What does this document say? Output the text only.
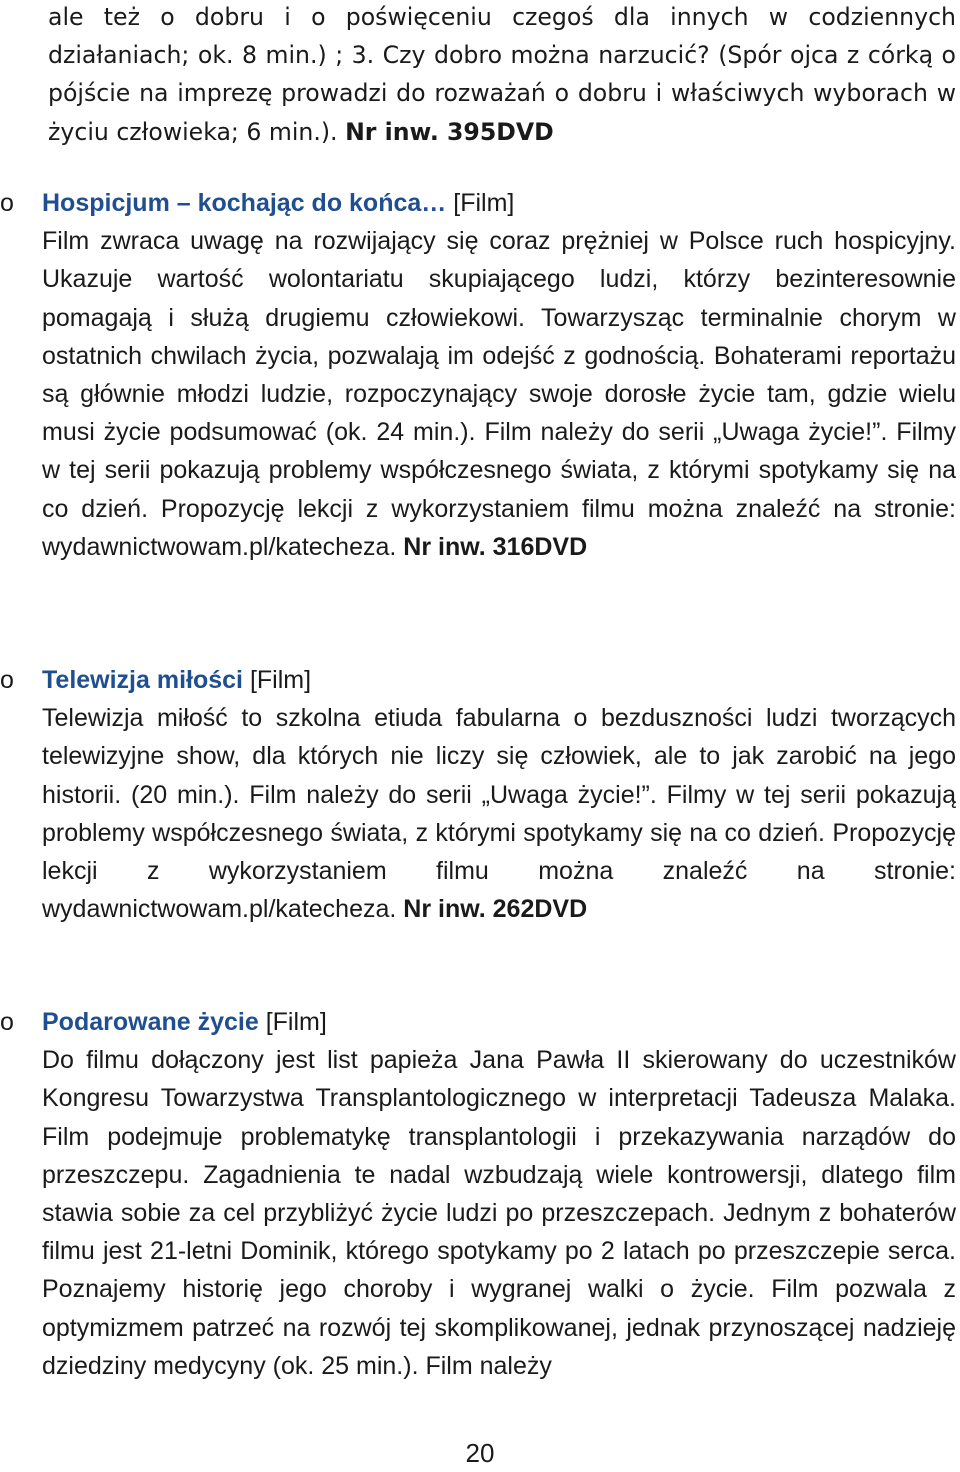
ale też o dobru i o poświęceniu czegoś dla innych w codziennych działaniach; ok. 8 min.) ; 3. Czy dobro można narzucić? (Spór ojca z córką o pójście na imprezę prowadzi do rozważań o dobru i właściwych wyborach w życiu człowieka; 6 min.). Nr inw. 395DVD

o	Hospicjum – kochając do końca… [Film]

Film zwraca uwagę na rozwijający się coraz prężniej w Polsce ruch hospicyjny. Ukazuje wartość wolontariatu skupiającego ludzi, którzy bezinteresownie pomagają i służą drugiemu człowiekowi. Towarzysząc terminalnie chorym w ostatnich chwilach życia, pozwalają im odejść z godnością. Bohaterami reportażu są głównie młodzi ludzie, rozpoczynający swoje dorosłe życie tam, gdzie wielu musi życie podsumować (ok. 24 min.). Film należy do serii „Uwaga życie!”. Filmy w tej serii pokazują problemy współczesnego świata, z którymi spotykamy się na co dzień. Propozycję lekcji z wykorzystaniem filmu można znaleźć na stronie: wydawnictwowam.pl/katecheza. Nr inw. 316DVD

o	Telewizja miłości [Film]

Telewizja miłość to szkolna etiuda fabularna o bezduszności ludzi tworzących telewizyjne show, dla których nie liczy się człowiek, ale to jak zarobić na jego historii. (20 min.). Film należy do serii „Uwaga życie!”. Filmy w tej serii pokazują problemy współczesnego świata, z którymi spotykamy się na co dzień. Propozycję lekcji z wykorzystaniem filmu można znaleźć na stronie: wydawnictwowam.pl/katecheza. Nr inw. 262DVD

o	Podarowane życie [Film]

Do filmu dołączony jest list papieża Jana Pawła II skierowany do uczestników Kongresu Towarzystwa Transplantologicznego w interpretacji Tadeusza Malaka. Film podejmuje problematykę transplantologii i przekazywania narządów do przeszczepu. Zagadnienia te nadal wzbudzają wiele kontrowersji, dlatego film stawia sobie za cel przybliżyć życie ludzi po przeszczepach. Jednym z bohaterów filmu jest 21-letni Dominik, którego spotykamy po 2 latach po przeszczepie serca. Poznajemy historię jego choroby i wygranej walki o życie. Film pozwala z optymizmem patrzeć na rozwój tej skomplikowanej, jednak przynoszącej nadzieję dziedziny medycyny (ok. 25 min.). Film należy

20
